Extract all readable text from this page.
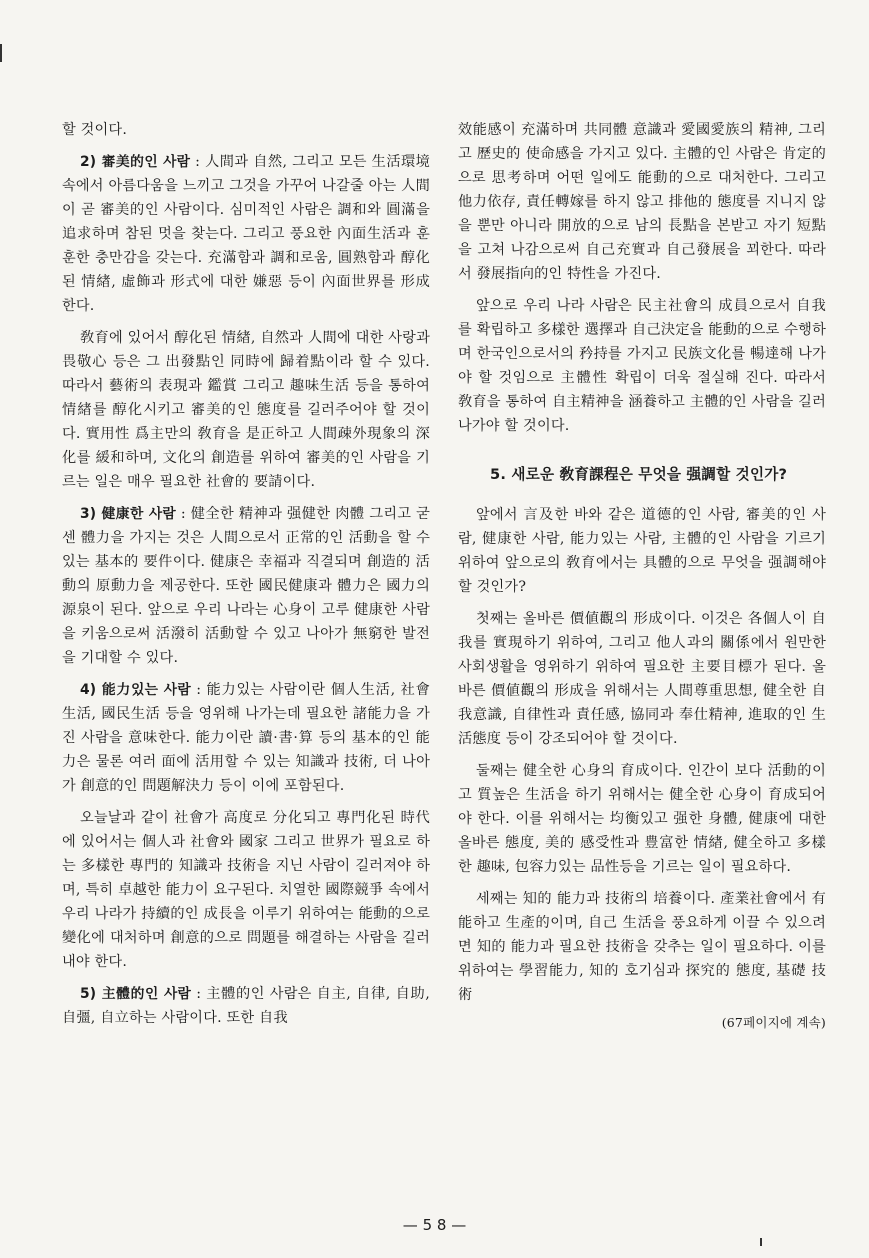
할 것이다.

2) 審美的인 사람 : 人間과 自然, 그리고 모든 生活環境 속에서 아름다움을 느끼고 그것을 가꾸어 나갈줄 아는 人間이 곧 審美的인 사람이다. 심미적인 사람은 調和와 圓滿을 追求하며 참된 멋을 찾는다. 그리고 풍요한 內面生活과 훈훈한 충만감을 갖는다. 充滿함과 調和로움, 圓熟함과 醇化된 情緖, 虛飾과 形式에 대한 嫌惡 등이 內面世界를 形成한다.

敎育에 있어서 醇化된 情緖, 自然과 人間에 대한 사랑과 畏敬心 등은 그 出發點인 同時에 歸着點이라 할 수 있다. 따라서 藝術의 表現과 鑑賞 그리고 趣味生活 등을 통하여 情緖를 醇化시키고 審美的인 態度를 길러주어야 할 것이다. 實用性 爲主만의 敎育을 是正하고 人間疎外現象의 深化를 緩和하며, 文化의 創造를 위하여 審美的인 사람을 기르는 일은 매우 필요한 社會的 要請이다.

3) 健康한 사람 : 健全한 精神과 强健한 肉體 그리고 굳센 體力을 가지는 것은 人間으로서 正常的인 活動을 할 수 있는 基本的 要件이다. 健康은 幸福과 직결되며 創造的 活動의 原動力을 제공한다. 또한 國民健康과 體力은 國力의 源泉이 된다. 앞으로 우리 나라는 心身이 고루 健康한 사람을 키움으로써 活潑히 活動할 수 있고 나아가 無窮한 발전을 기대할 수 있다.

4) 能力있는 사람 : 能力있는 사람이란 個人生活, 社會生活, 國民生活 등을 영위해 나가는데 필요한 諸能力을 가진 사람을 意味한다. 能力이란 讀·書·算 등의 基本的인 能力은 물론 여러 面에 活用할 수 있는 知識과 技術, 더 나아가 創意的인 問題解決力 등이 이에 포함된다.

오늘날과 같이 社會가 高度로 分化되고 專門化된 時代에 있어서는 個人과 社會와 國家 그리고 世界가 필요로 하는 多樣한 專門的 知識과 技術을 지닌 사람이 길러져야 하며, 특히 卓越한 能力이 요구된다. 치열한 國際競爭 속에서 우리 나라가 持續的인 成長을 이루기 위하여는 能動的으로 變化에 대처하며 創意的으로 問題를 해결하는 사람을 길러내야 한다.

5) 主體的인 사람 : 主體的인 사람은 自主, 自律, 自助, 自彊, 自立하는 사람이다. 또한 自我

效能感이 充滿하며 共同體 意識과 愛國愛族의 精神, 그리고 歷史的 使命感을 가지고 있다. 主體的인 사람은 肯定的으로 思考하며 어떤 일에도 能動的으로 대처한다. 그리고 他力依存, 責任轉嫁를 하지 않고 排他的 態度를 지니지 않을 뿐만 아니라 開放的으로 남의 長點을 본받고 자기 短點을 고쳐 나감으로써 自己充實과 自己發展을 꾀한다. 따라서 發展指向的인 特性을 가진다.

앞으로 우리 나라 사람은 民主社會의 成員으로서 自我를 확립하고 多樣한 選擇과 自己決定을 能動的으로 수행하며 한국인으로서의 矜持를 가지고 民族文化를 暢達해 나가야 할 것임으로 主體性 확립이 더욱 절실해 진다. 따라서 敎育을 통하여 自主精神을 涵養하고 主體的인 사람을 길러 나가야 할 것이다.

5. 새로운 敎育課程은 무엇을 强調할 것인가?

앞에서 言及한 바와 같은 道德的인 사람, 審美的인 사람, 健康한 사람, 能力있는 사람, 主體的인 사람을 기르기 위하여 앞으로의 敎育에서는 具體的으로 무엇을 强調해야 할 것인가?

첫째는 올바른 價値觀의 形成이다. 이것은 各個人이 自我를 實現하기 위하여, 그리고 他人과의 關係에서 원만한 사회생활을 영위하기 위하여 필요한 主要目標가 된다. 올바른 價値觀의 形成을 위해서는 人間尊重思想, 健全한 自我意識, 自律性과 責任感, 協同과 奉仕精神, 進取的인 生活態度 등이 강조되어야 할 것이다.

둘째는 健全한 心身의 育成이다. 인간이 보다 活動的이고 質높은 生活을 하기 위해서는 健全한 心身이 育成되어야 한다. 이를 위해서는 均衡있고 强한 身體, 健康에 대한 올바른 態度, 美的 感受性과 豊富한 情緖, 健全하고 多樣한 趣味, 包容力있는 品性등을 기르는 일이 필요하다.

세째는 知的 能力과 技術의 培養이다. 產業社會에서 有能하고 生產的이며, 自己 生活을 풍요하게 이끌 수 있으려면 知的 能力과 필요한 技術을 갖추는 일이 필요하다. 이를 위하여는 學習能力, 知的 호기심과 探究的 態度, 基礎 技術

(67페이지에 계속)
— 5 8 —
